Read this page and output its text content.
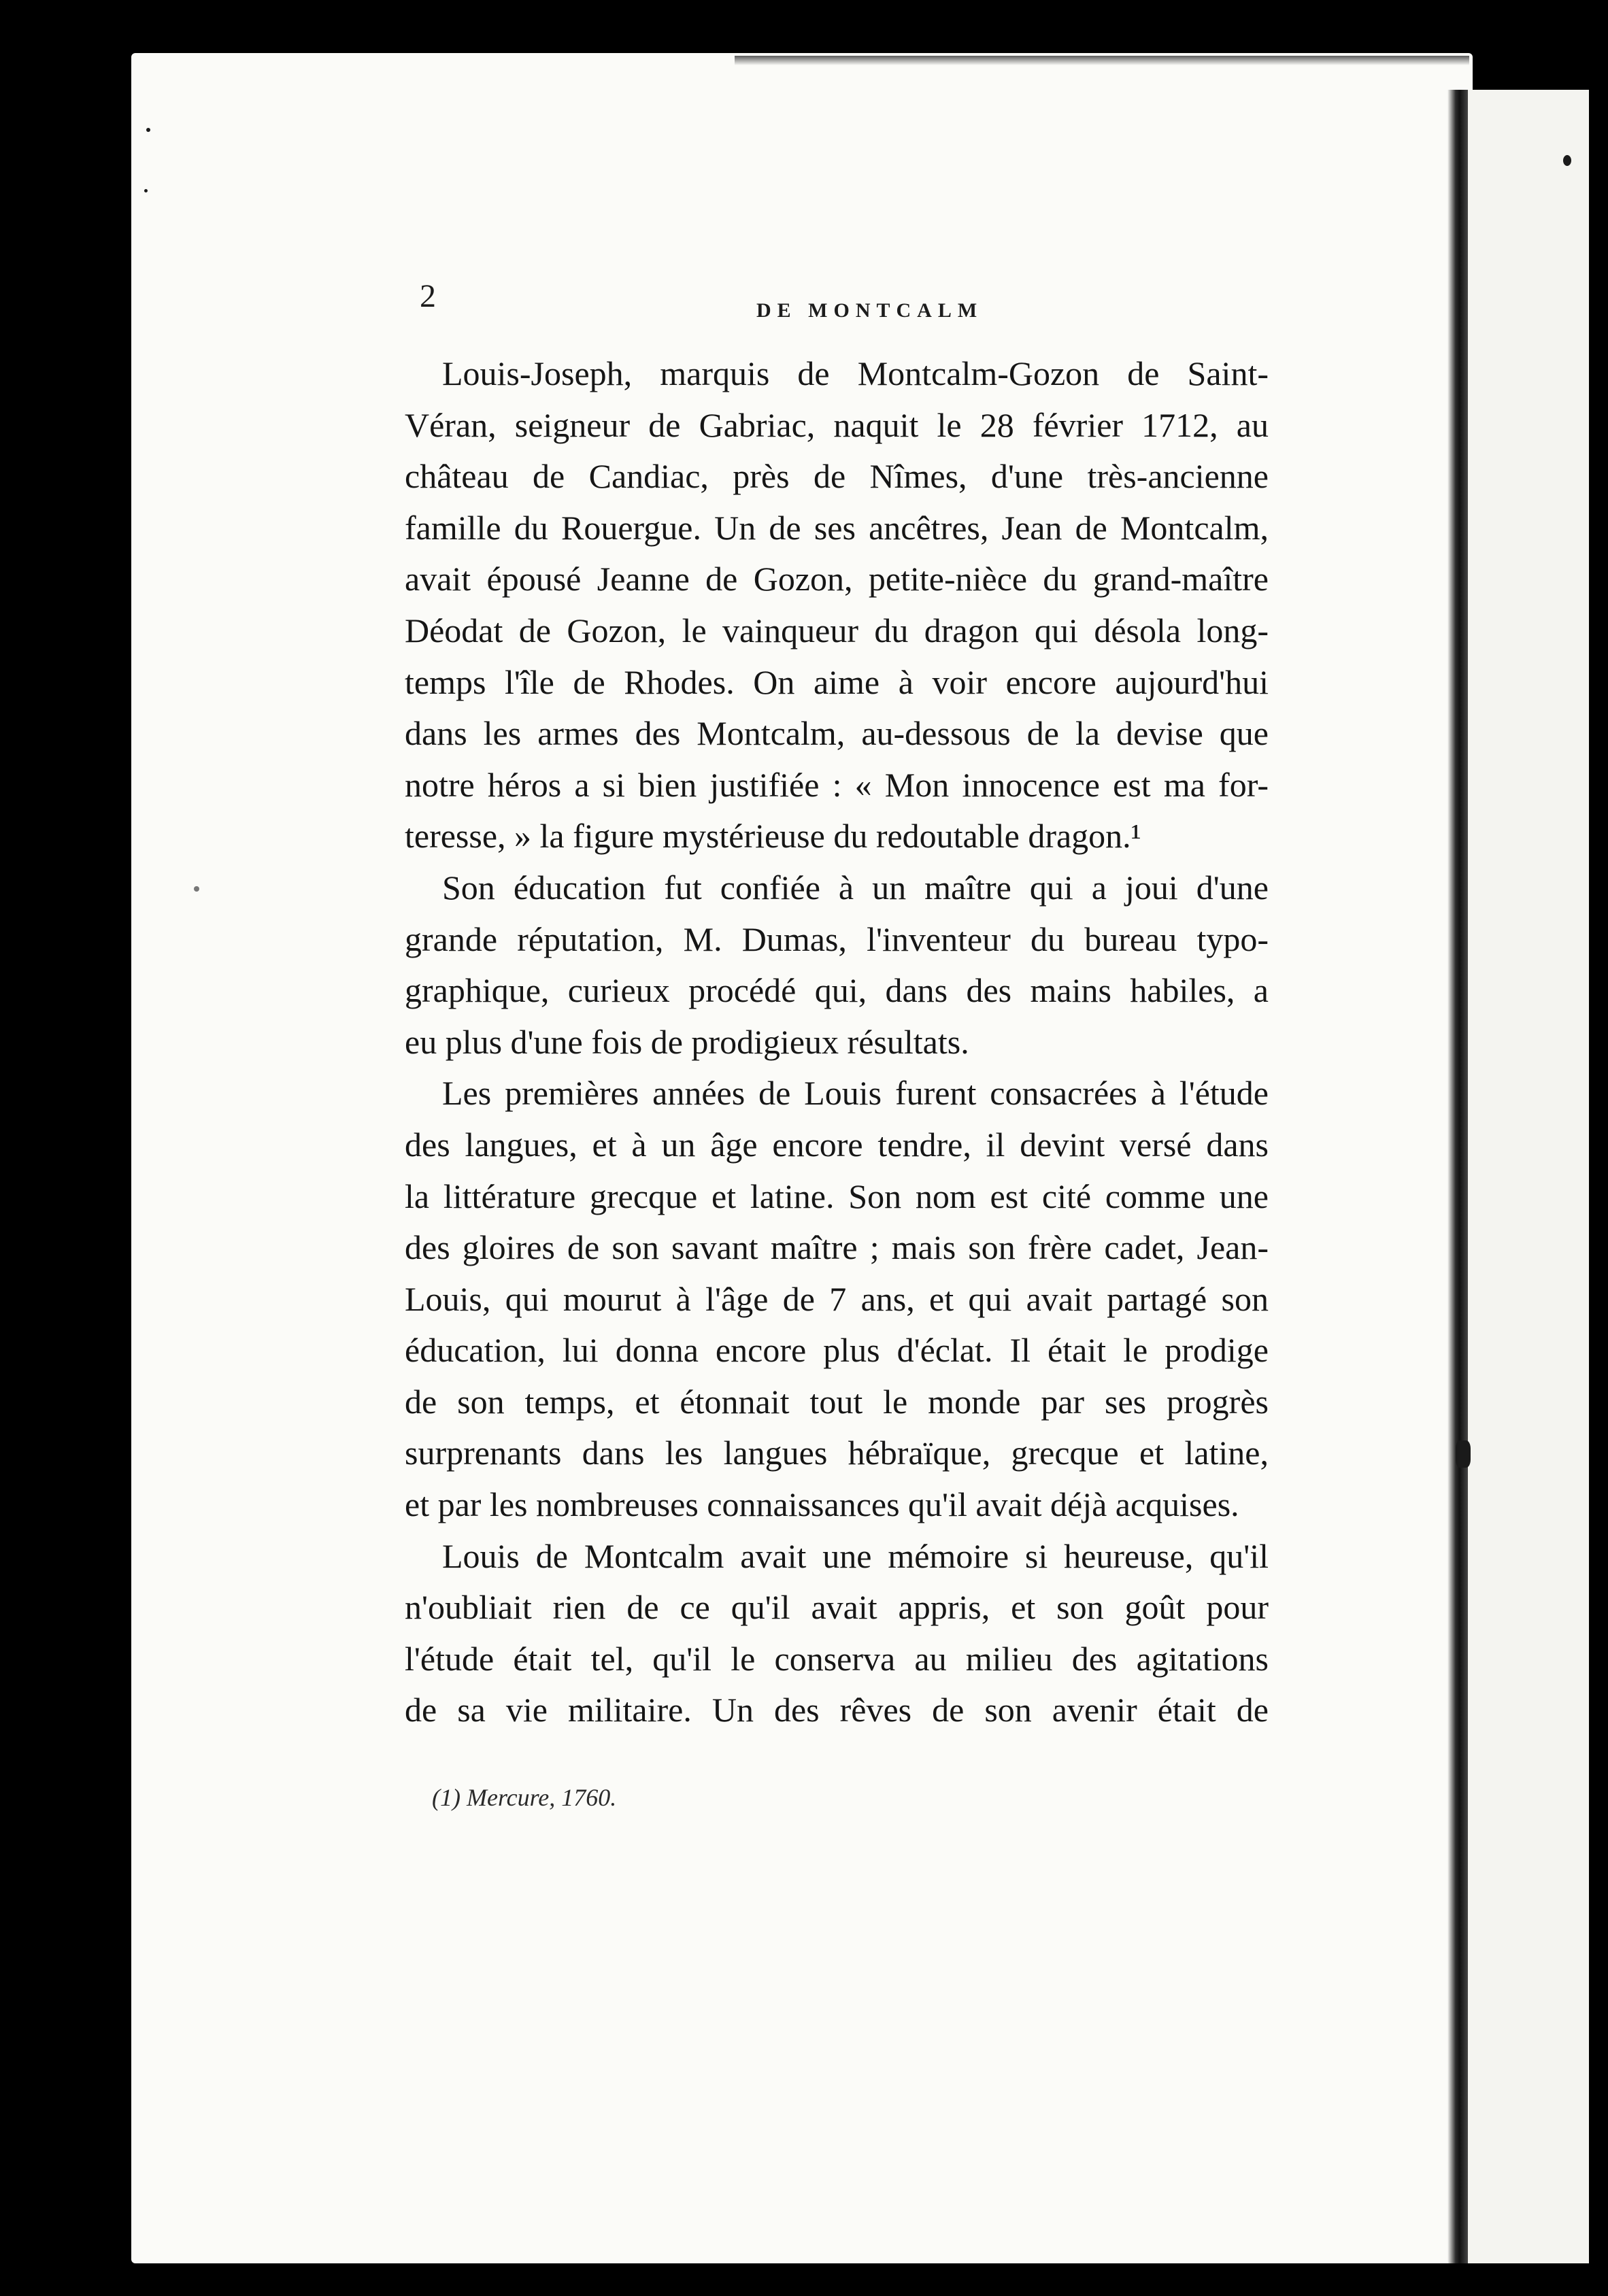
2	DE MONTCALM
Louis-Joseph, marquis de Montcalm-Gozon de Saint-
Véran, seigneur de Gabriac, naquit le 28 février 1712, au
château de Candiac, près de Nîmes, d'une très-ancienne
famille du Rouergue. Un de ses ancêtres, Jean de Montcalm,
avait épousé Jeanne de Gozon, petite-nièce du grand-maître
Déodat de Gozon, le vainqueur du dragon qui désola long-
temps l'île de Rhodes. On aime à voir encore aujourd'hui
dans les armes des Montcalm, au-dessous de la devise que
notre héros a si bien justifiée : « Mon innocence est ma for-
teresse, » la figure mystérieuse du redoutable dragon.¹
Son éducation fut confiée à un maître qui a joui d'une
grande réputation, M. Dumas, l'inventeur du bureau typo-
graphique, curieux procédé qui, dans des mains habiles, a
eu plus d'une fois de prodigieux résultats.
Les premières années de Louis furent consacrées à l'étude
des langues, et à un âge encore tendre, il devint versé dans
la littérature grecque et latine. Son nom est cité comme une
des gloires de son savant maître ; mais son frère cadet, Jean-
Louis, qui mourut à l'âge de 7 ans, et qui avait partagé son
éducation, lui donna encore plus d'éclat. Il était le prodige
de son temps, et étonnait tout le monde par ses progrès
surprenants dans les langues hébraïque, grecque et latine,
et par les nombreuses connaissances qu'il avait déjà acquises.
Louis de Montcalm avait une mémoire si heureuse, qu'il
n'oubliait rien de ce qu'il avait appris, et son goût pour
l'étude était tel, qu'il le conserva au milieu des agitations
de sa vie militaire. Un des rêves de son avenir était de
(1) Mercure, 1760.
